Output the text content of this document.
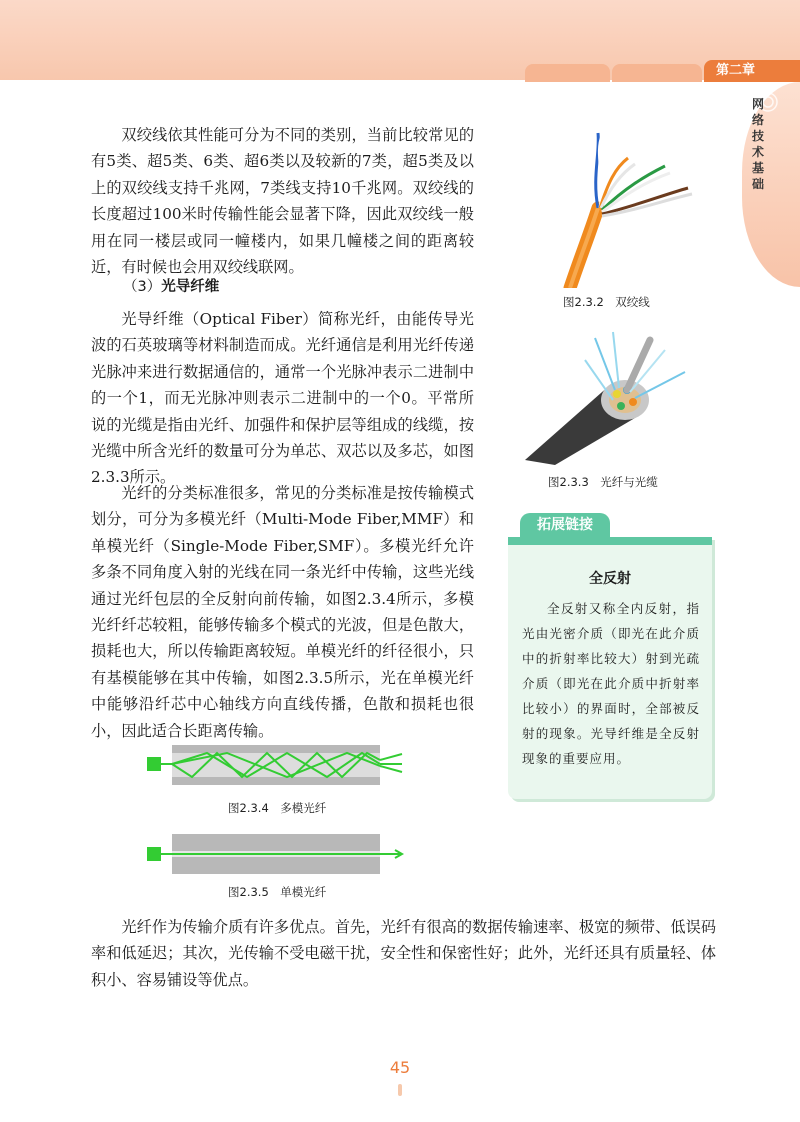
第二章
网络技术基础

双绞线依其性能可分为不同的类别，当前比较常见的有5类、超5类、6类、超6类以及较新的7类，超5类及以上的双绞线支持千兆网，7类线支持10千兆网。双绞线的长度超过100米时传输性能会显著下降，因此双绞线一般用在同一楼层或同一幢楼内，如果几幢楼之间的距离较近，有时候也会用双绞线联网。

（3）光导纤维

光导纤维（Optical Fiber）简称光纤，由能传导光波的石英玻璃等材料制造而成。光纤通信是利用光纤传递光脉冲来进行数据通信的，通常一个光脉冲表示二进制中的一个1，而无光脉冲则表示二进制中的一个0。平常所说的光缆是指由光纤、加强件和保护层等组成的线缆，按光缆中所含光纤的数量可分为单芯、双芯以及多芯，如图2.3.3所示。

光纤的分类标准很多，常见的分类标准是按传输模式划分，可分为多模光纤（Multi-Mode Fiber,MMF）和单模光纤（Single-Mode Fiber,SMF）。多模光纤允许多条不同角度入射的光线在同一条光纤中传输，这些光线通过光纤包层的全反射向前传输，如图2.3.4所示，多模光纤纤芯较粗，能够传输多个模式的光波，但是色散大，损耗也大，所以传输距离较短。单模光纤的纤径很小，只有基模能够在其中传输，如图2.3.5所示，光在单模光纤中能够沿纤芯中心轴线方向直线传播，色散和损耗也很小，因此适合长距离传输。

光纤作为传输介质有许多优点。首先，光纤有很高的数据传输速率、极宽的频带、低误码率和低延迟；其次，光传输不受电磁干扰，安全性和保密性好；此外，光纤还具有质量轻、体积小、容易铺设等优点。

图2.3.2　双绞线
图2.3.3　光纤与光缆
图2.3.4　多模光纤
图2.3.5　单模光纤
拓展链接
全反射

全反射又称全内反射，指光由光密介质（即光在此介质中的折射率比较大）射到光疏介质（即光在此介质中折射率比较小）的界面时，全部被反射的现象。光导纤维是全反射现象的重要应用。

45
